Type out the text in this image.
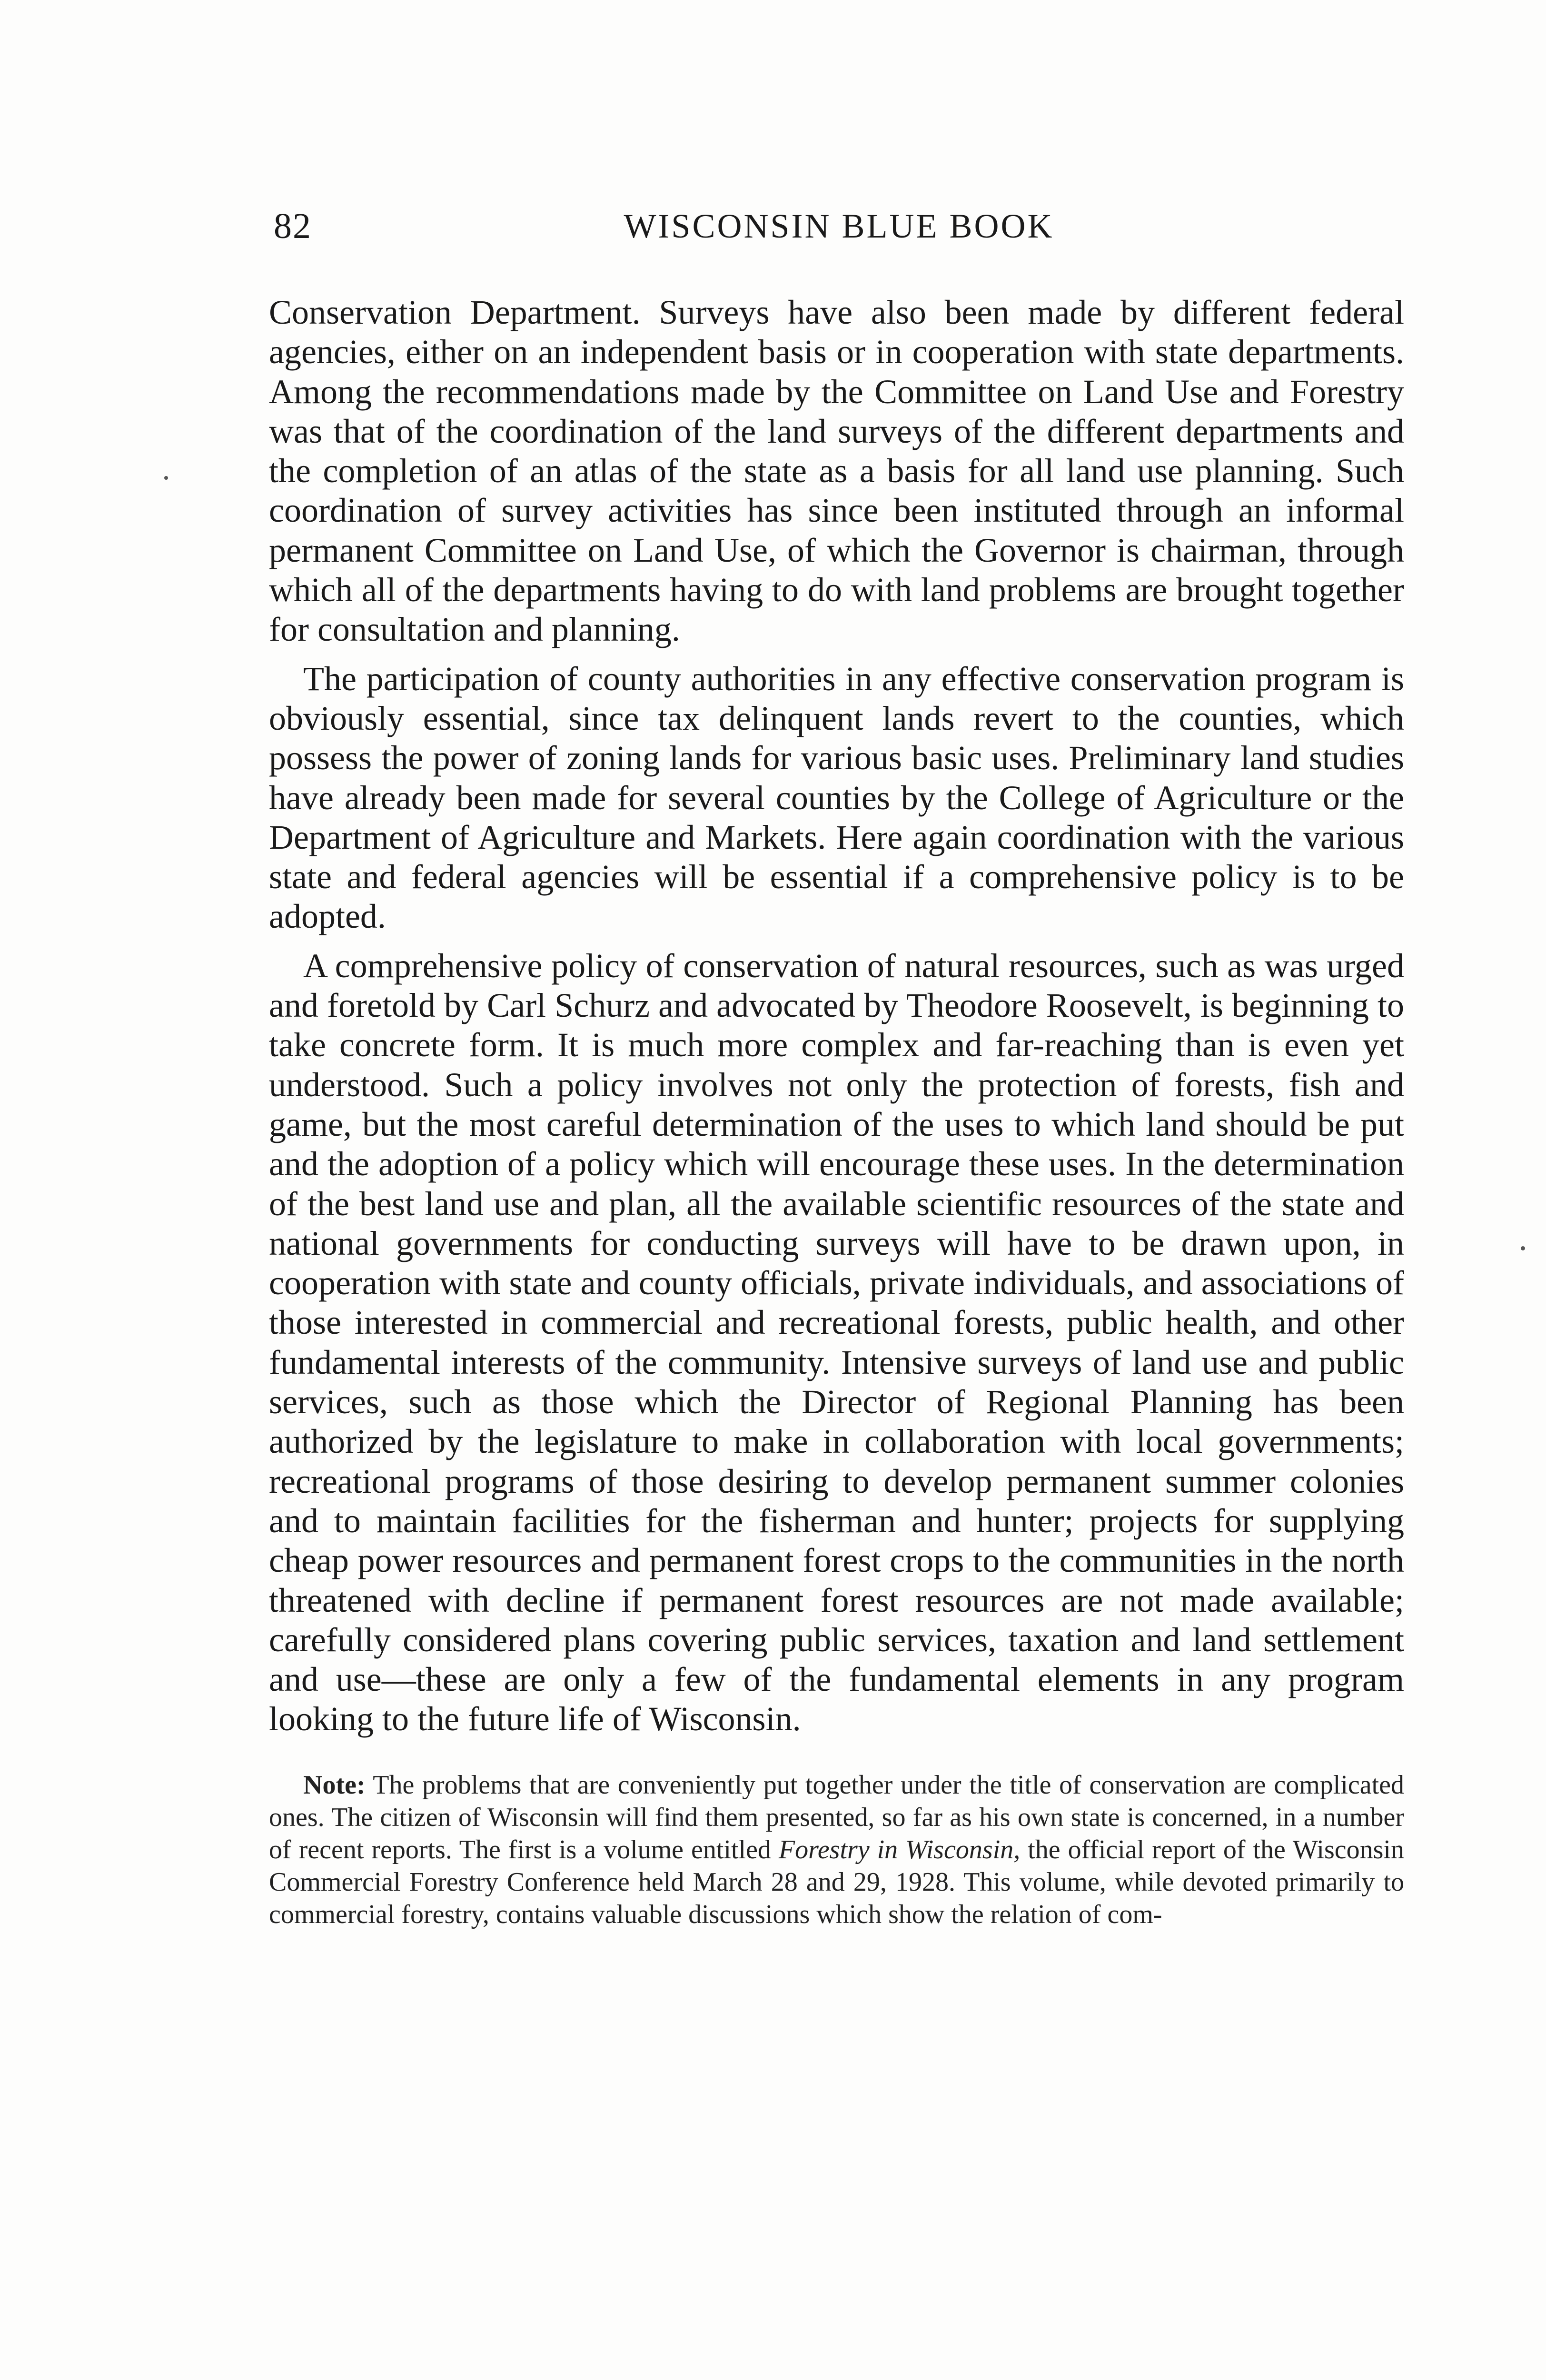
82	WISCONSIN BLUE BOOK

Conservation Department. Surveys have also been made by different federal agencies, either on an independent basis or in cooperation with state departments. Among the recommendations made by the Committee on Land Use and Forestry was that of the coordination of the land surveys of the different departments and the completion of an atlas of the state as a basis for all land use planning. Such coordination of survey activities has since been instituted through an informal permanent Committee on Land Use, of which the Governor is chairman, through which all of the departments having to do with land problems are brought together for consultation and planning.

The participation of county authorities in any effective conservation program is obviously essential, since tax delinquent lands revert to the counties, which possess the power of zoning lands for various basic uses. Preliminary land studies have already been made for several counties by the College of Agriculture or the Department of Agriculture and Markets. Here again coordination with the various state and federal agencies will be essential if a comprehensive policy is to be adopted.

A comprehensive policy of conservation of natural resources, such as was urged and foretold by Carl Schurz and advocated by Theodore Roosevelt, is beginning to take concrete form. It is much more complex and far-reaching than is even yet understood. Such a policy involves not only the protection of forests, fish and game, but the most careful determination of the uses to which land should be put and the adoption of a policy which will encourage these uses. In the determination of the best land use and plan, all the available scientific resources of the state and national governments for conducting surveys will have to be drawn upon, in cooperation with state and county officials, private individuals, and associations of those interested in commercial and recreational forests, public health, and other fundamental interests of the community. Intensive surveys of land use and public services, such as those which the Director of Regional Planning has been authorized by the legislature to make in collaboration with local governments; recreational programs of those desiring to develop permanent summer colonies and to maintain facilities for the fisherman and hunter; projects for supplying cheap power resources and permanent forest crops to the communities in the north threatened with decline if permanent forest resources are not made available; carefully considered plans covering public services, taxation and land settlement and use—these are only a few of the fundamental elements in any program looking to the future life of Wisconsin.

Note: The problems that are conveniently put together under the title of conservation are complicated ones. The citizen of Wisconsin will find them presented, so far as his own state is concerned, in a number of recent reports. The first is a volume entitled Forestry in Wisconsin, the official report of the Wisconsin Commercial Forestry Conference held March 28 and 29, 1928. This volume, while devoted primarily to commercial forestry, contains valuable discussions which show the relation of com-
